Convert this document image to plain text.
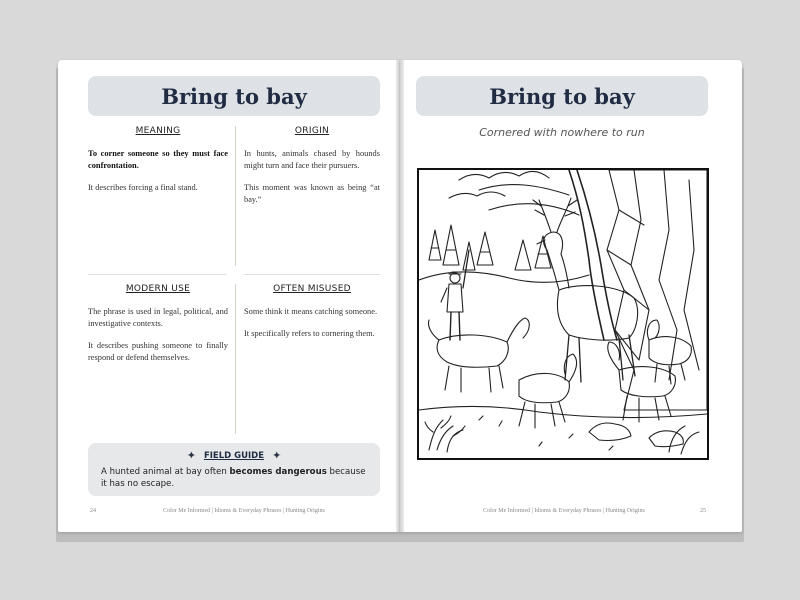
Bring to bay
MEANING

To corner someone so they must face confrontation.

It describes forcing a final stand.

ORIGIN

In hunts, animals chased by hounds might turn and face their pursuers.

This moment was known as being “at bay.”

MODERN USE

The phrase is used in legal, political, and investigative contexts.

It describes pushing someone to finally respond or defend themselves.

OFTEN MISUSED

Some think it means catching someone.

It specifically refers to cornering them.

✦ FIELD GUIDE ✦
A hunted animal at bay often becomes dangerous because it has no escape.
24	Color Me Informed | Idioms & Everyday Phrases | Hunting Origins
Bring to bay
Cornered with nowhere to run
Color Me Informed | Idioms & Everyday Phrases | Hunting Origins	25
